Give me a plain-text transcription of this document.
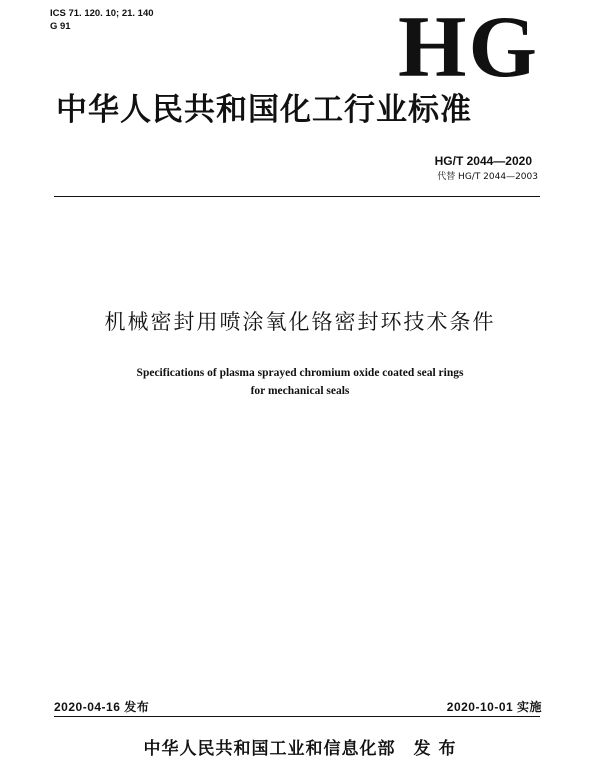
ICS 71. 120. 10; 21. 140
G 91	HG
中华人民共和国化工行业标准
HG/T 2044—2020
代替 HG/T 2044—2003
机械密封用喷涂氧化铬密封环技术条件
Specifications of plasma sprayed chromium oxide coated seal rings
for mechanical seals
2020-04-16 发布	2020-10-01 实施
中华人民共和国工业和信息化部　发 布
